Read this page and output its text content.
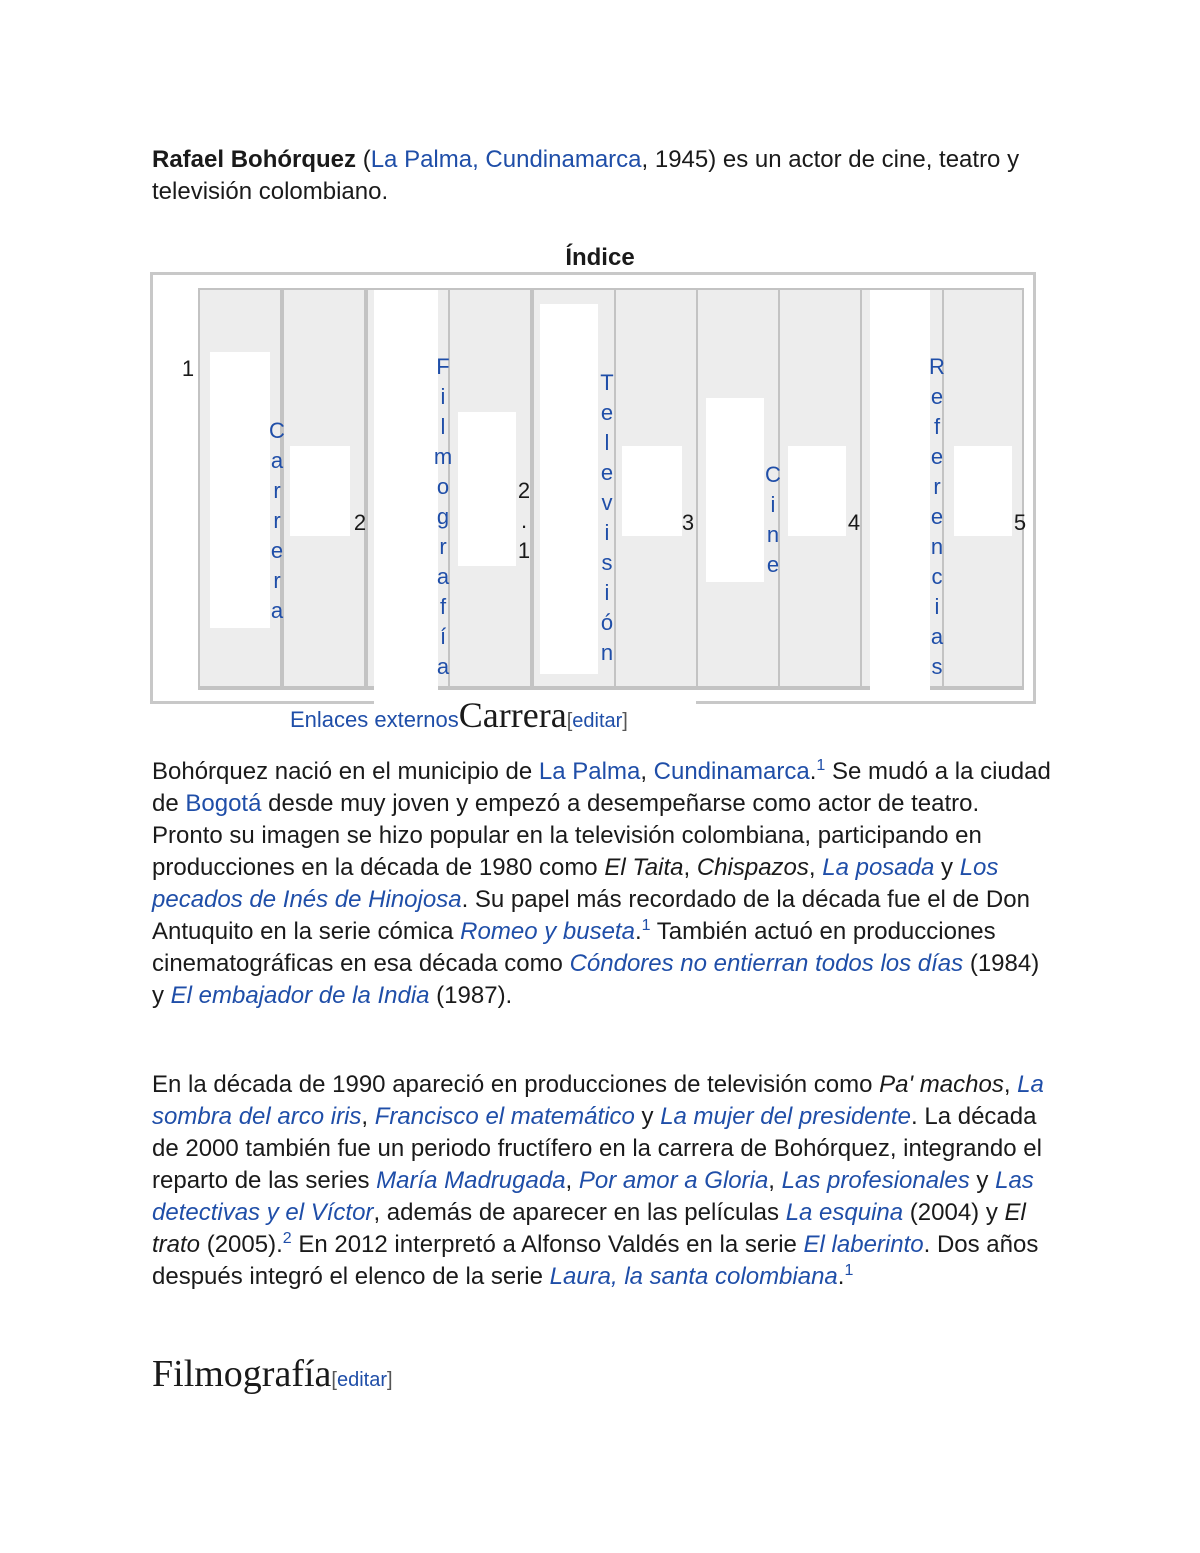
Rafael Bohórquez (La Palma, Cundinamarca, 1945) es un actor de cine, teatro y televisión colombiano.

Índice
1
C
a
r
r
e
r
a
2
F
i
l
m
o
g
r
a
f
í
a
2
.
1
T
e
l
e
v
i
s
i
ó
n
3
C
i
n
e
4
R
e
f
e
r
e
n
c
i
a
s
5
Enlaces externosCarrera[editar]

Bohórquez nació en el municipio de La Palma, Cundinamarca.$^1$ Se mudó a la ciudad de Bogotá desde muy joven y empezó a desempeñarse como actor de teatro. Pronto su imagen se hizo popular en la televisión colombiana, participando en producciones en la década de 1980 como El Taita, Chispazos, La posada y Los pecados de Inés de Hinojosa. Su papel más recordado de la década fue el de Don Antuquito en la serie cómica Romeo y buseta.$^1$ También actuó en producciones cinematográficas en esa década como Cóndores no entierran todos los días (1984) y El embajador de la India (1987).

En la década de 1990 apareció en producciones de televisión como Pa' machos, La sombra del arco iris, Francisco el matemático y La mujer del presidente. La década de 2000 también fue un periodo fructífero en la carrera de Bohórquez, integrando el reparto de las series María Madrugada, Por amor a Gloria, Las profesionales y Las detectivas y el Víctor, además de aparecer en las películas La esquina (2004) y El trato (2005).$^2$ En 2012 interpretó a Alfonso Valdés en la serie El laberinto. Dos años después integró el elenco de la serie Laura, la santa colombiana.$^1$

Filmografía[editar]
